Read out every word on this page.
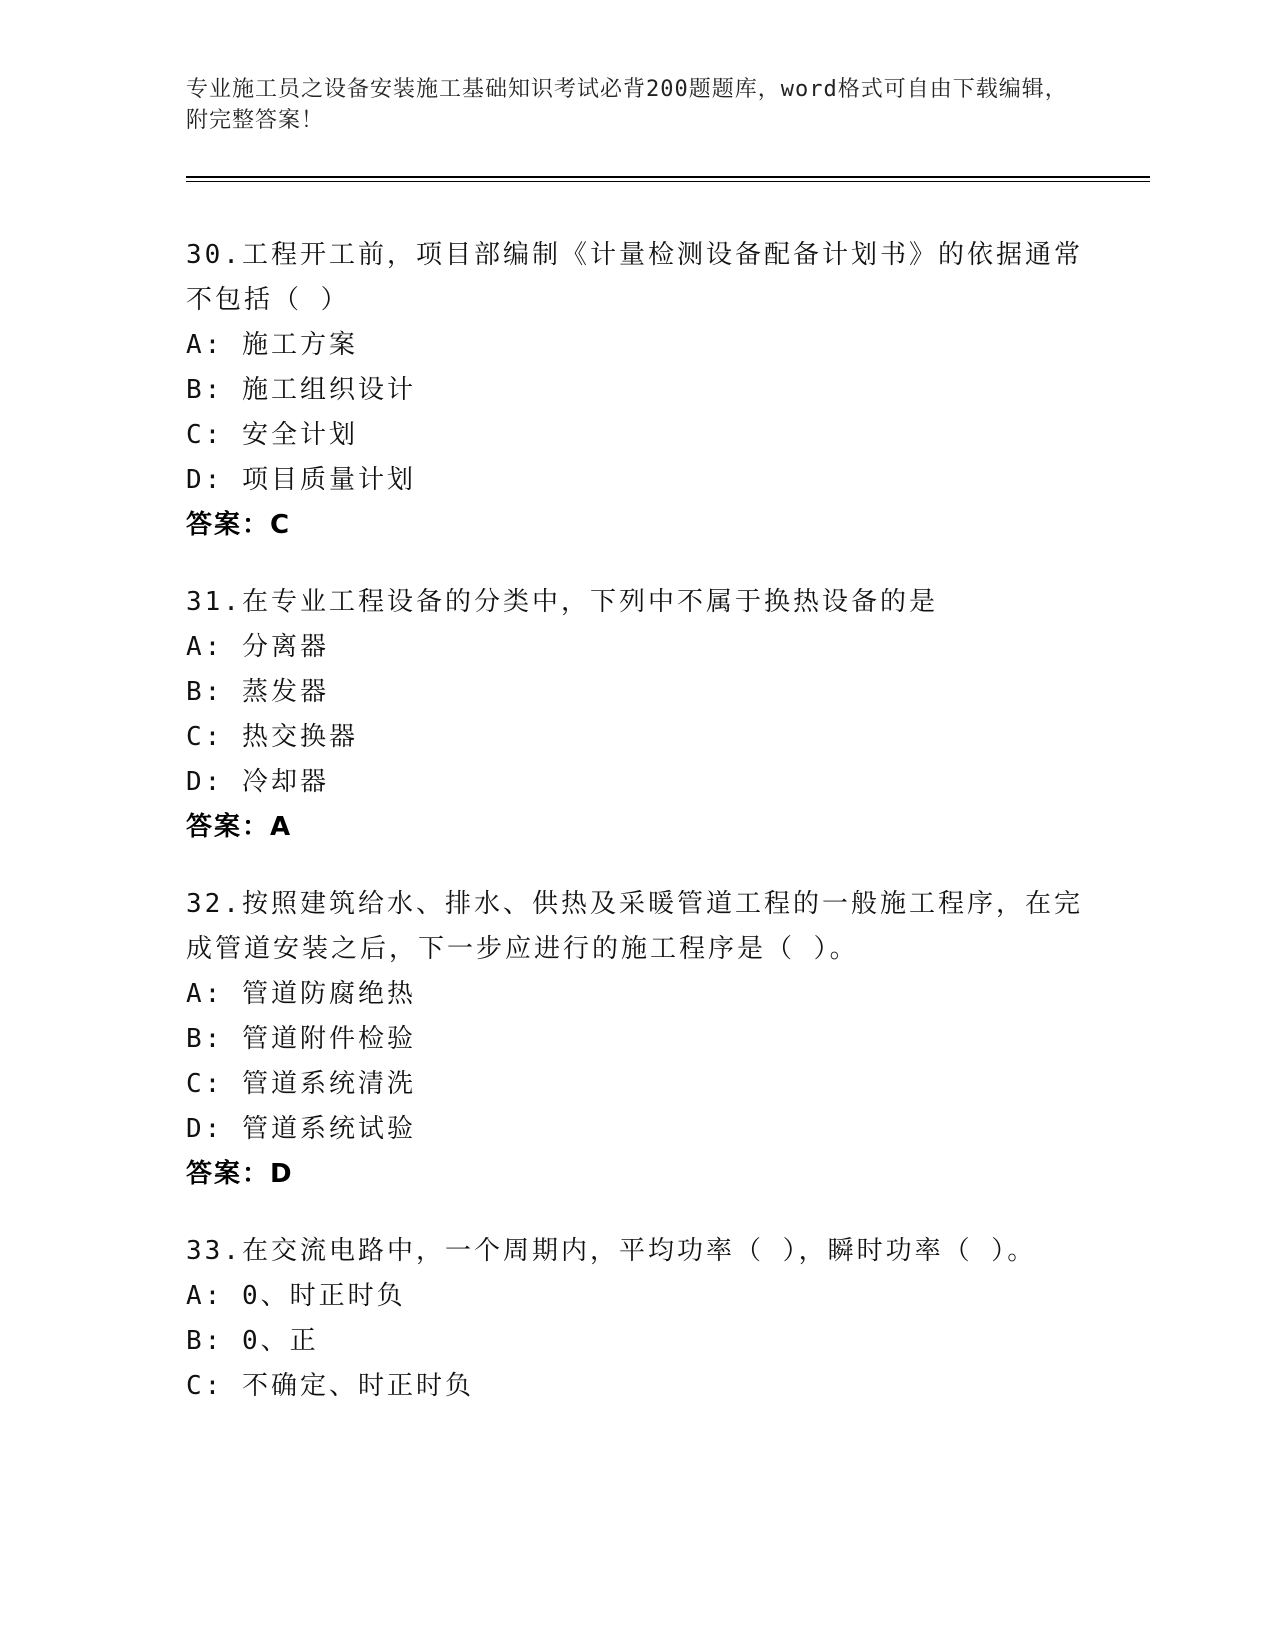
专业施工员之设备安装施工基础知识考试必背200题题库，word格式可自由下载编辑，附完整答案！
30.工程开工前，项目部编制《计量检测设备配备计划书》的依据通常不包括（ ）
A: 施工方案
B: 施工组织设计
C: 安全计划
D: 项目质量计划
答案：C
31.在专业工程设备的分类中，下列中不属于换热设备的是
A: 分离器
B: 蒸发器
C: 热交换器
D: 冷却器
答案：A
32.按照建筑给水、排水、供热及采暖管道工程的一般施工程序，在完成管道安装之后，下一步应进行的施工程序是（ ）。
A: 管道防腐绝热
B: 管道附件检验
C: 管道系统清洗
D: 管道系统试验
答案：D
33.在交流电路中，一个周期内，平均功率（ ），瞬时功率（ ）。
A: 0、时正时负
B: 0、正
C: 不确定、时正时负
